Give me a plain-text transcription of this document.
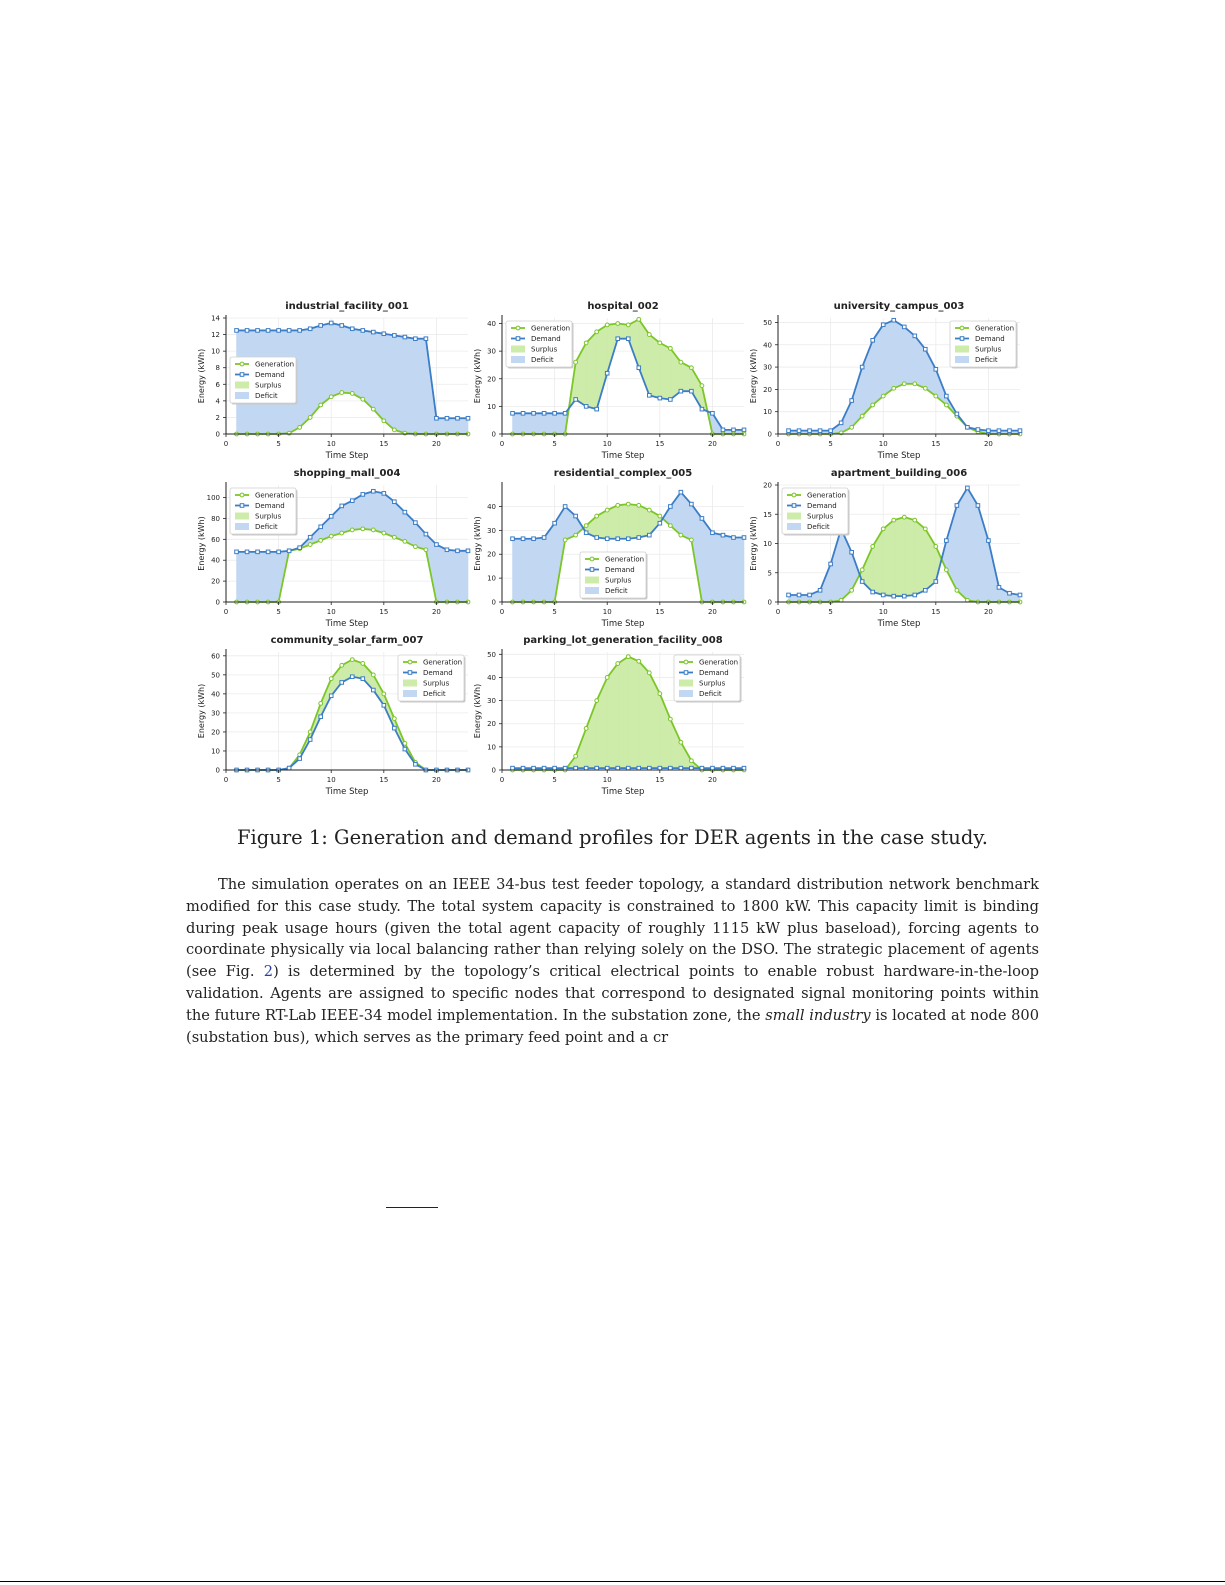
0
2
4
6
8
10
12
14
0	5	10	15	20
industrial_facility_001
Time Step
Energy (kWh)	Generation
Demand
Surplus
Deficit
0
10
20
30
40
0	5	10	15	20
hospital_002
Time Step
Energy (kWh)
Generation
Demand
Surplus
Deficit
0
10
20
30
40
50
0	5	10	15	20
university_campus_003
Time Step
Energy (kWh)
Generation
Demand
Surplus
Deficit
0
20
40
60
80
100
0	5	10	15	20
shopping_mall_004
Time Step
Energy (kWh)
Generation
Demand
Surplus
Deficit
0
10
20
30
40
0	5	10	15	20
residential_complex_005
Time Step
Energy (kWh)	Generation
Demand
Surplus
Deficit
0
5
10
15
20
0	5	10	15	20
apartment_building_006
Time Step
Energy (kWh)
Generation
Demand
Surplus
Deficit
0
10
20
30
40
50
60
0	5	10	15	20
community_solar_farm_007
Time Step
Energy (kWh)
Generation
Demand
Surplus
Deficit
0
10
20
30
40
50
0	5	10	15	20
parking_lot_generation_facility_008
Time Step
Energy (kWh)
Generation
Demand
Surplus
Deficit
Figure 1: Generation and demand profiles for DER agents in the case study.

The simulation operates on an IEEE 34-bus test feeder topology, a standard distribution network benchmark modified for this case study. The total system capacity is constrained to 1800 kW. This capacity limit is binding during peak usage hours (given the total agent capacity of roughly 1115 kW plus baseload), forcing agents to coordinate physically via local balancing rather than relying solely on the DSO. The strategic placement of agents (see Fig. 2) is determined by the topology’s critical electrical points to enable robust hardware-in-the-loop validation. Agents are assigned to specific nodes that correspond to designated signal monitoring points within the future RT-Lab IEEE-34 model implementation. In the substation zone, the small industry is located at node 800 (substation bus), which serves as the primary feed point and a cr
